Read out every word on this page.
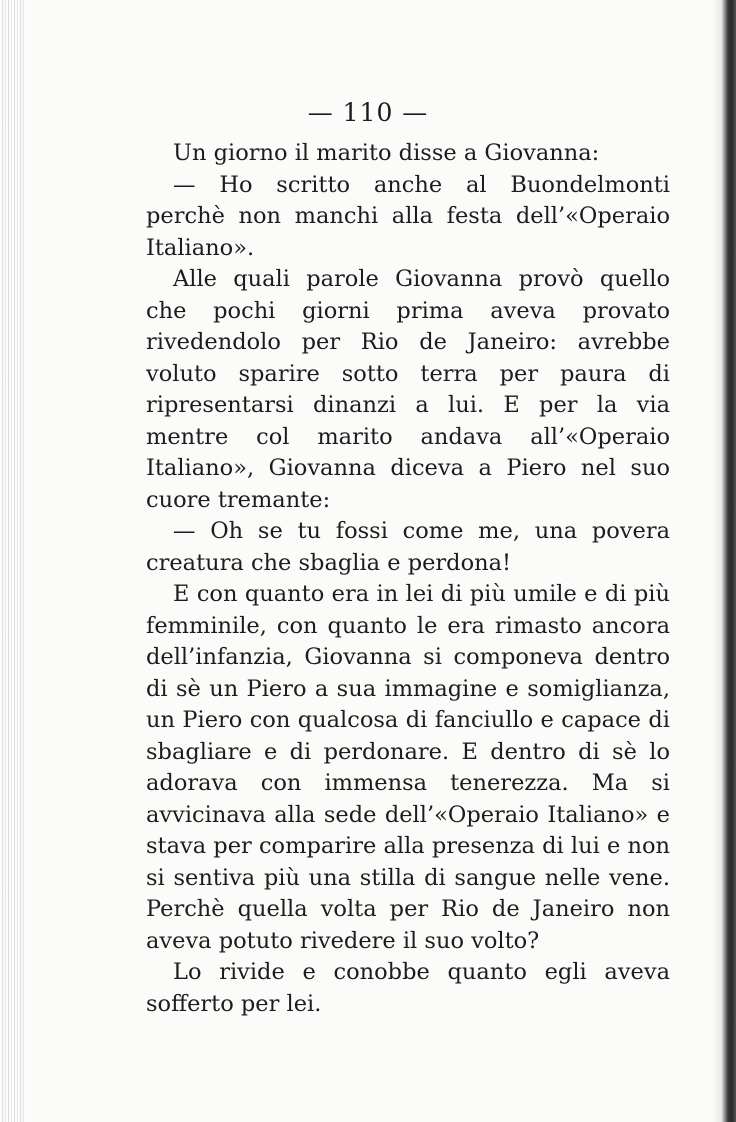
— 110 —

Un giorno il marito disse a Giovanna:

— Ho scritto anche al Buondelmonti perchè non manchi alla festa dell’«Operaio Italiano».

Alle quali parole Giovanna provò quello che pochi giorni prima aveva provato rivedendolo per Rio de Janeiro: avrebbe voluto sparire sotto terra per paura di ripresentarsi dinanzi a lui. E per la via mentre col marito andava all’«Operaio Italiano», Giovanna diceva a Piero nel suo cuore tremante:

— Oh se tu fossi come me, una povera creatura che sbaglia e perdona!

E con quanto era in lei di più umile e di più femminile, con quanto le era rimasto ancora dell’infanzia, Giovanna si componeva dentro di sè un Piero a sua immagine e somiglianza, un Piero con qualcosa di fanciullo e capace di sbagliare e di perdonare. E dentro di sè lo adorava con immensa tenerezza. Ma si avvicinava alla sede dell’«Operaio Italiano» e stava per comparire alla presenza di lui e non si sentiva più una stilla di sangue nelle vene. Perchè quella volta per Rio de Janeiro non aveva potuto rivedere il suo volto?

Lo rivide e conobbe quanto egli aveva sofferto per lei.
